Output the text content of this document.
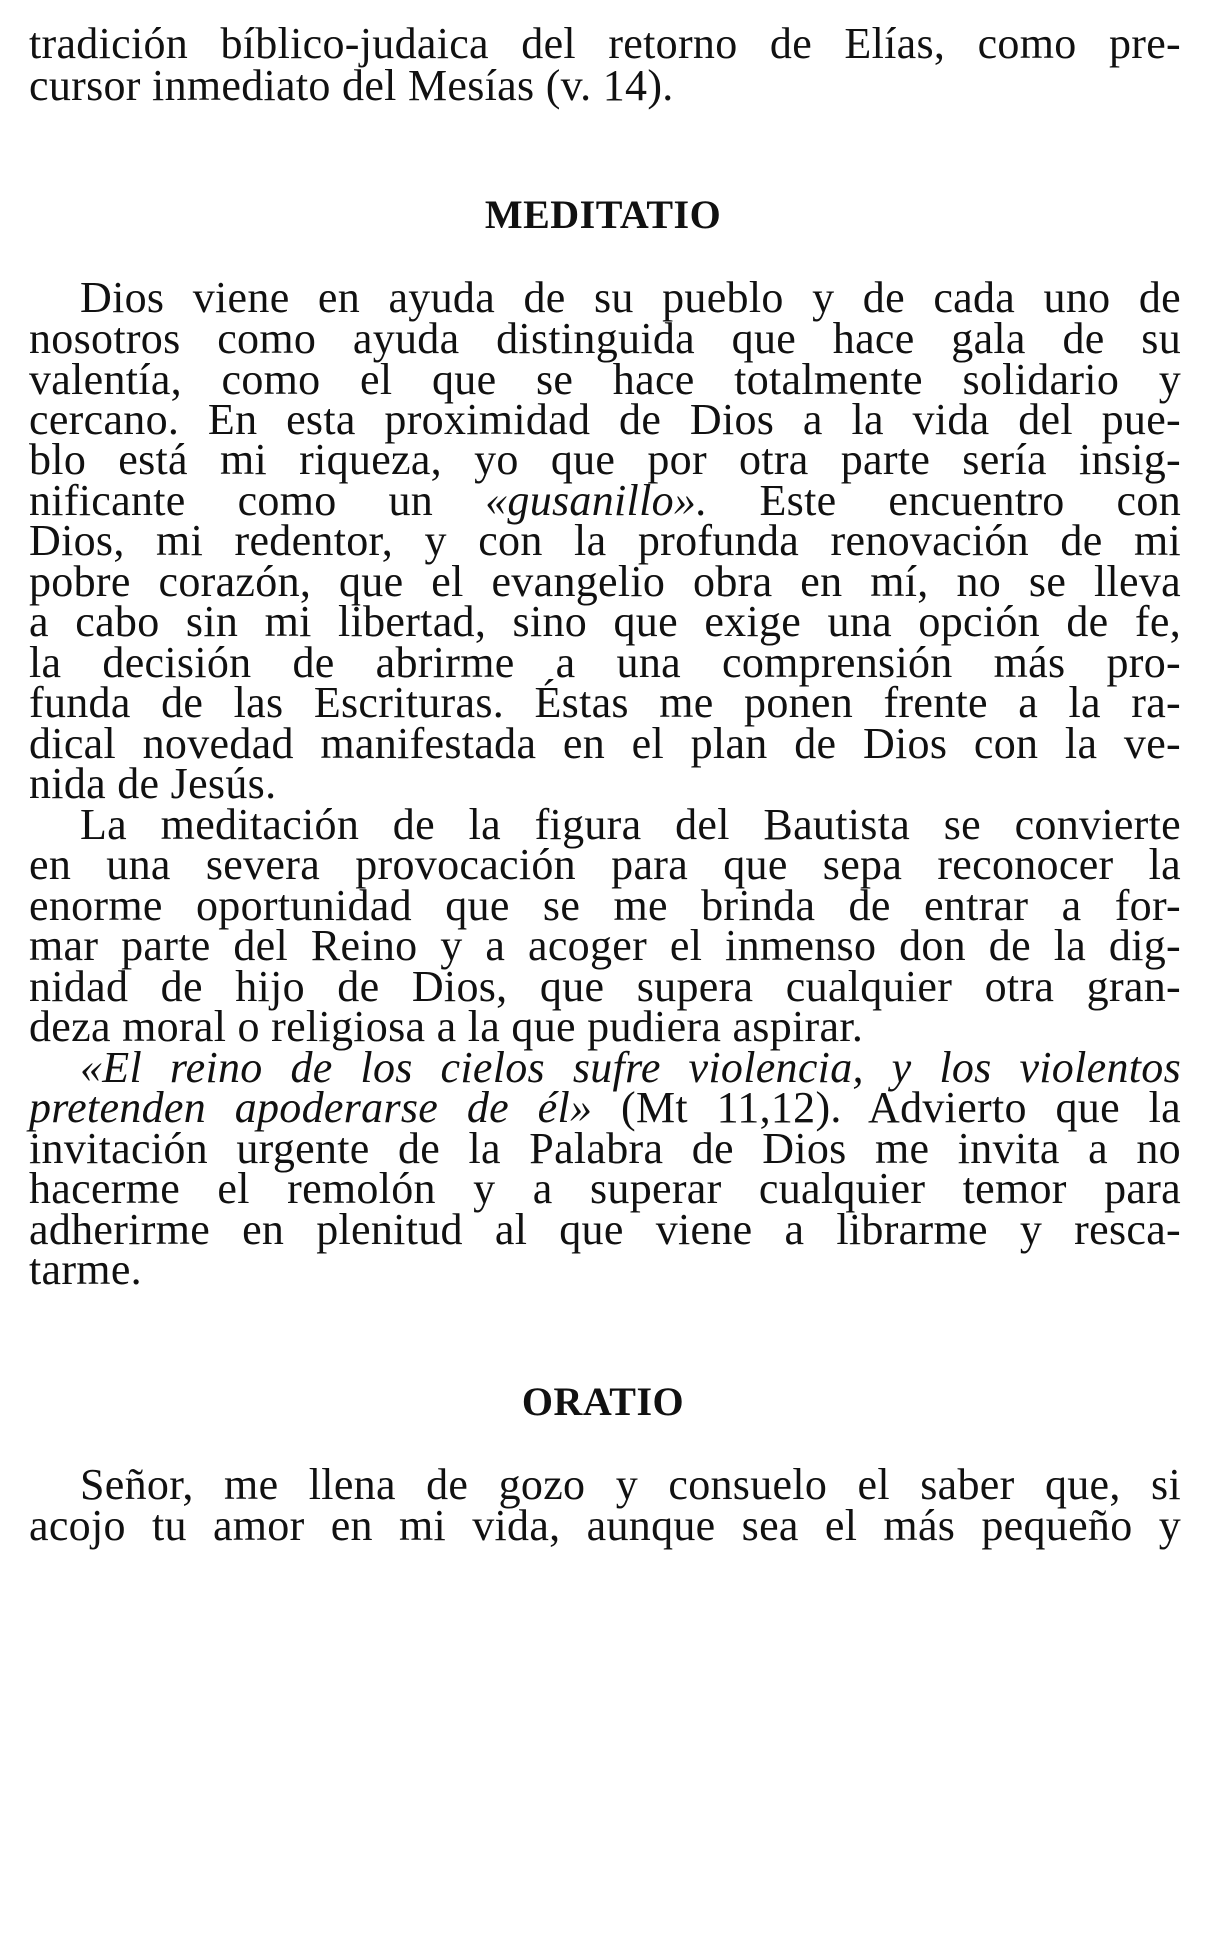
tradición bíblico-judaica del retorno de Elías, como pre-
cursor inmediato del Mesías (v. 14).
MEDITATIO
Dios viene en ayuda de su pueblo y de cada uno de
nosotros como ayuda distinguida que hace gala de su
valentía, como el que se hace totalmente solidario y
cercano. En esta proximidad de Dios a la vida del pue-
blo está mi riqueza, yo que por otra parte sería insig-
nificante como un «gusanillo». Este encuentro con
Dios, mi redentor, y con la profunda renovación de mi
pobre corazón, que el evangelio obra en mí, no se lleva
a cabo sin mi libertad, sino que exige una opción de fe,
la decisión de abrirme a una comprensión más pro-
funda de las Escrituras. Éstas me ponen frente a la ra-
dical novedad manifestada en el plan de Dios con la ve-
nida de Jesús.
La meditación de la figura del Bautista se convierte
en una severa provocación para que sepa reconocer la
enorme oportunidad que se me brinda de entrar a for-
mar parte del Reino y a acoger el inmenso don de la dig-
nidad de hijo de Dios, que supera cualquier otra gran-
deza moral o religiosa a la que pudiera aspirar.
«El reino de los cielos sufre violencia, y los violentos
pretenden apoderarse de él» (Mt 11,12). Advierto que la
invitación urgente de la Palabra de Dios me invita a no
hacerme el remolón y a superar cualquier temor para
adherirme en plenitud al que viene a librarme y resca-
tarme.
ORATIO
Señor, me llena de gozo y consuelo el saber que, si
acojo tu amor en mi vida, aunque sea el más pequeño y
